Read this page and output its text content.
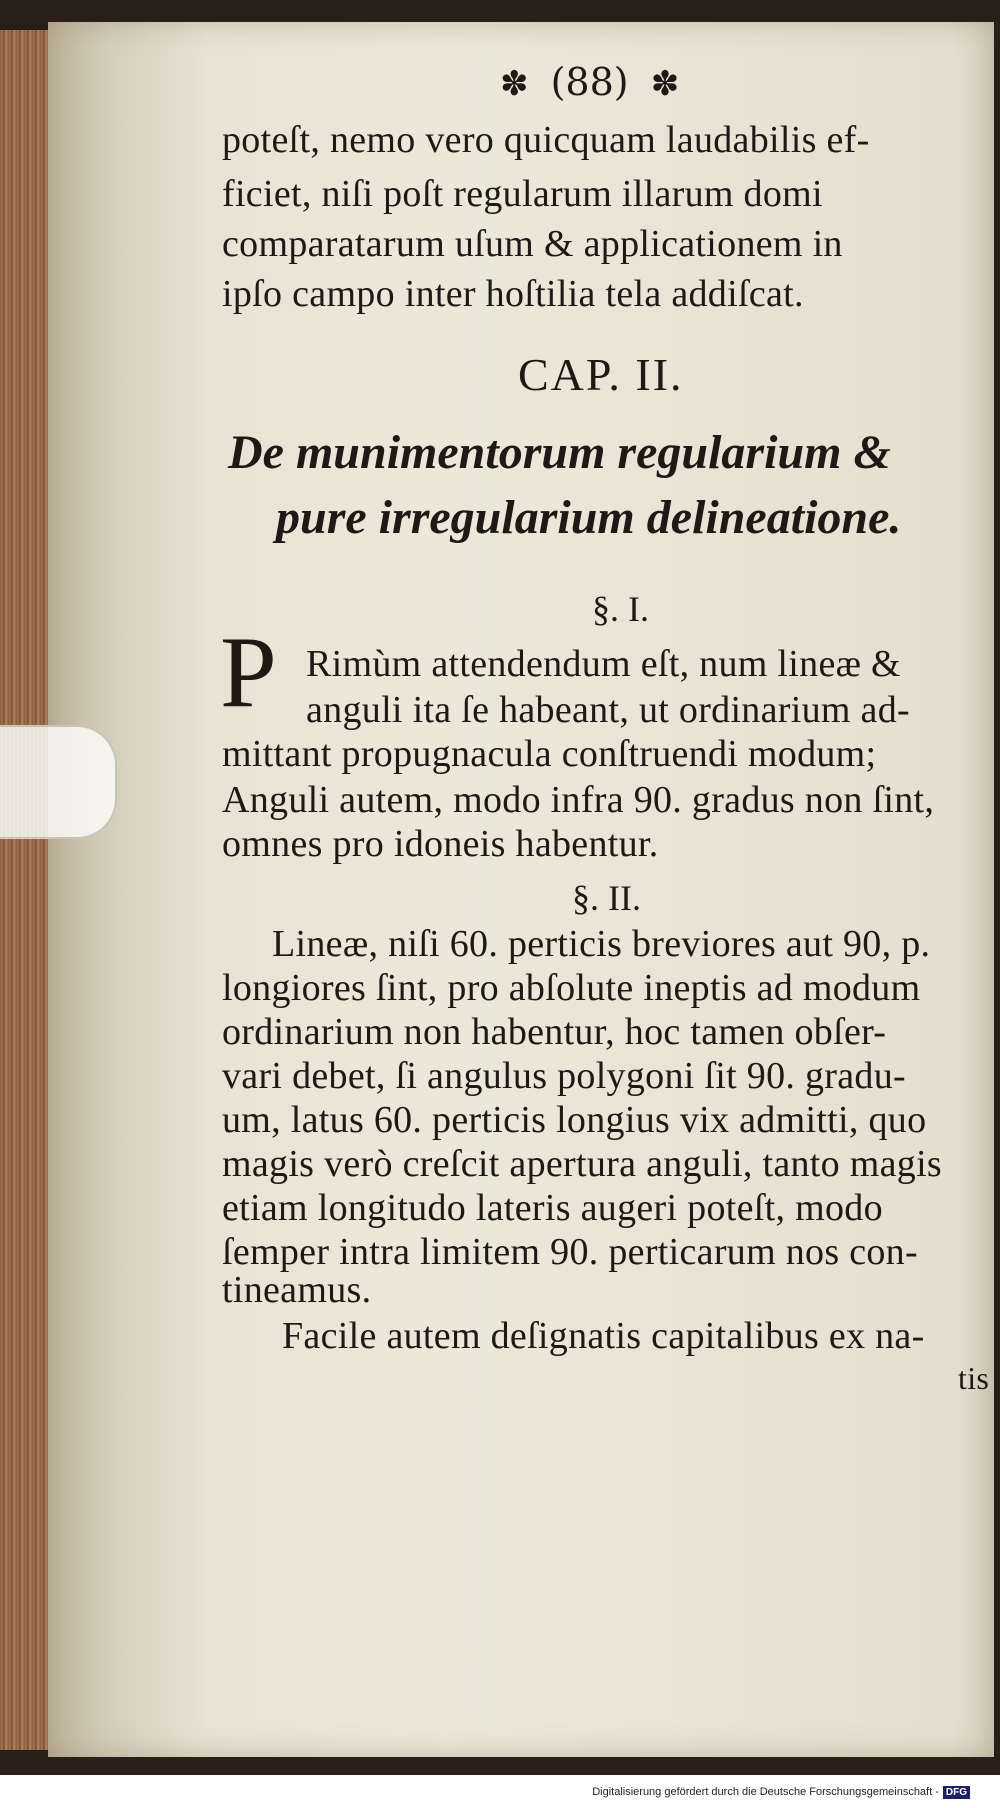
✽ (88) ✽
poteſt, nemo vero quicquam laudabilis ef-
ficiet, niſi poſt regularum illarum domi
comparatarum uſum & applicationem in
ipſo campo inter hoſtilia tela addiſcat.
CAP. II.
De munimentorum regularium &
pure irregularium delineatione.
§. I.
P Rimùm attendendum eſt, num lineæ &
anguli ita ſe habeant, ut ordinarium ad-
mittant propugnacula conſtruendi modum;
Anguli autem, modo infra 90. gradus non ſint,
omnes pro idoneis habentur.
§. II.
Lineæ, niſi 60. perticis breviores aut 90, p.
longiores ſint, pro abſolute ineptis ad modum
ordinarium non habentur, hoc tamen obſer-
vari debet, ſi angulus polygoni ſit 90. gradu-
um, latus 60. perticis longius vix admitti, quo
magis verò creſcit apertura anguli, tanto magis
etiam longitudo lateris augeri poteſt, modo
ſemper intra limitem 90. perticarum nos con-
tineamus.
Facile autem deſignatis capitalibus ex na-
tis
Digitalisierung gefördert durch die Deutsche Forschungsgemeinschaft - DFG
